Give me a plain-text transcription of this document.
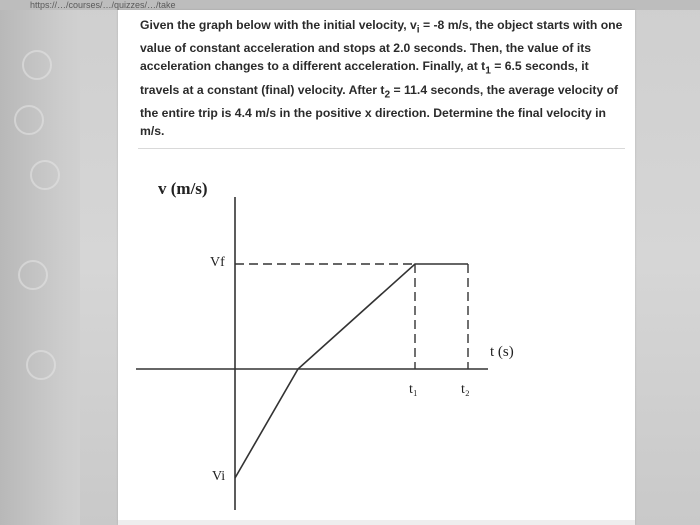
https://…/courses/…/quizzes/…/take
Given the graph below with the initial velocity, $v_i = -8$ m/s, the object starts with one value of constant acceleration and stops at 2.0 seconds. Then, the value of its acceleration changes to a different acceleration. Finally, at $t_1 = 6.5$ seconds, it travels at a constant (final) velocity. After $t_2 = 11.4$ seconds, the average velocity of the entire trip is 4.4 m/s in the positive x direction. Determine the final velocity in m/s.
v (m/s)
t (s)
Vf
Vi
t₁	t₂
